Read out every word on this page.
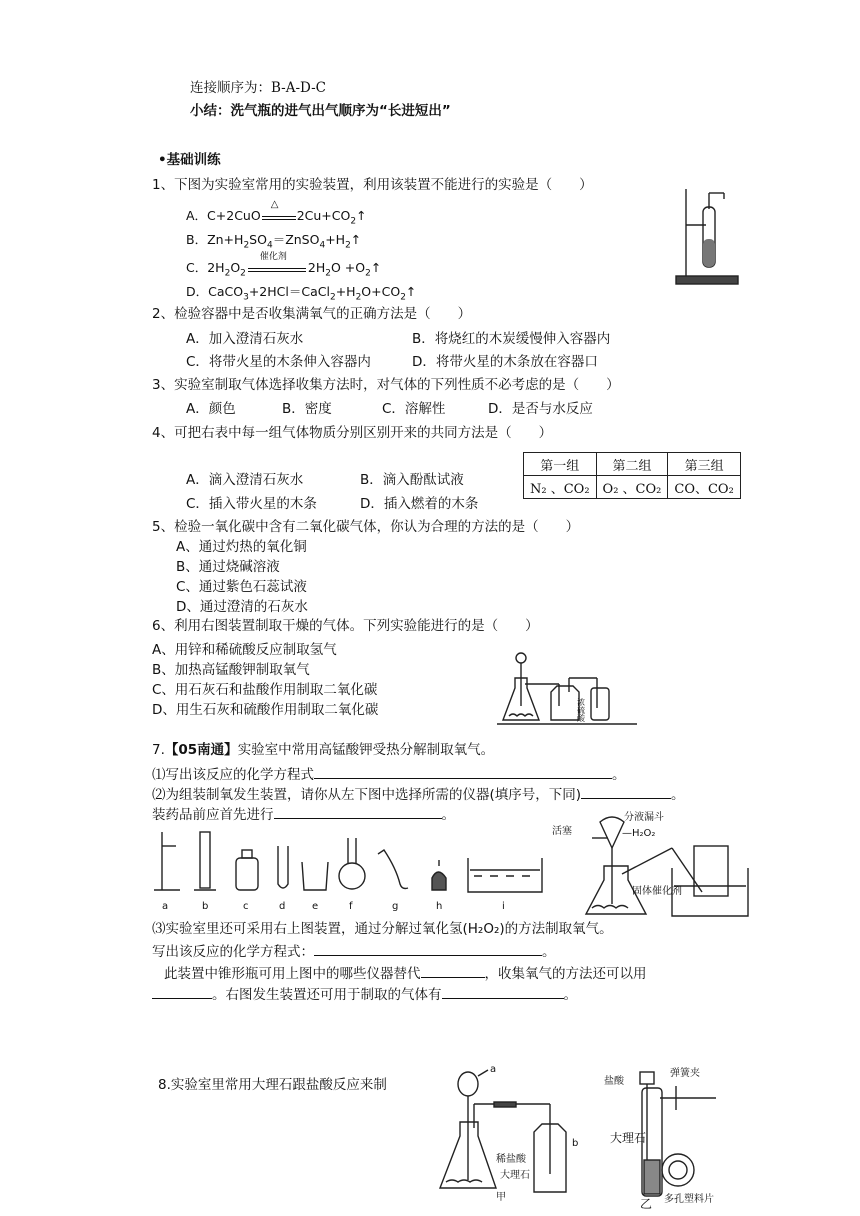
连接顺序为：B-A-D-C
小结：洗气瓶的进气出气顺序为“长进短出”
•基础训练
1、下图为实验室常用的实验装置，利用该装置不能进行的实验是（　　）
A．C+2CuO
△
$2Cu+CO_2↑$
B．$Zn+H_2SO_4=ZnSO_4+H_2↑$
C．$2H_2O_2$
催化剂
$2H_2O$ $+O_2↑$
D．$CaCO_3+2HCl=CaCl_2+H_2O+CO_2↑$
2、检验容器中是否收集满氧气的正确方法是（　　）
A．加入澄清石灰水	B．将烧红的木炭缓慢伸入容器内
C．将带火星的木条伸入容器内	D．将带火星的木条放在容器口
3、实验室制取气体选择收集方法时，对气体的下列性质不必考虑的是（　　）
A．颜色	B．密度	C．溶解性	D．是否与水反应
4、可把右表中每一组气体物质分别区别开来的共同方法是（　　）
A．滴入澄清石灰水	B．滴入酚酞试液
C．插入带火星的木条	D．插入燃着的木条
第一组	第二组	第三组
N₂ 、CO₂	O₂ 、CO₂	CO、CO₂
5、检验一氧化碳中含有二氧化碳气体，你认为合理的方法的是（　　）
A、通过灼热的氧化铜
B、通过烧碱溶液
C、通过紫色石蕊试液
D、通过澄清的石灰水
6、利用右图装置制取干燥的气体。下列实验能进行的是（　　）
A、用锌和稀硫酸反应制取氢气
B、加热高锰酸钾制取氧气
C、用石灰石和盐酸作用制取二氧化碳
D、用生石灰和硫酸作用制取二氧化碳	浓硫酸
7.【05南通】实验室中常用高锰酸钾受热分解制取氧气。
⑴写出该反应的化学方程式	。
⑵为组装制氧发生装置，请你从左下图中选择所需的仪器(填序号，下同)	。
装药品前应首先进行	。
a	b	c	d	e	f	g	h	i
活塞
分液漏斗
—H₂O₂
固体催化剂
⑶实验室里还可采用右上图装置，通过分解过氧化氢(H₂O₂)的方法制取氧气。
写出该反应的化学方程式：	。
此装置中锥形瓶可用上图中的哪些仪器替代	，收集氧气的方法还可以用
。右图发生装置还可用于制取的气体有	。
8.实验室里常用大理石跟盐酸反应来制
a
b
稀盐酸
大理石
甲
盐酸
弹簧夹
大理石
多孔塑料片
乙
